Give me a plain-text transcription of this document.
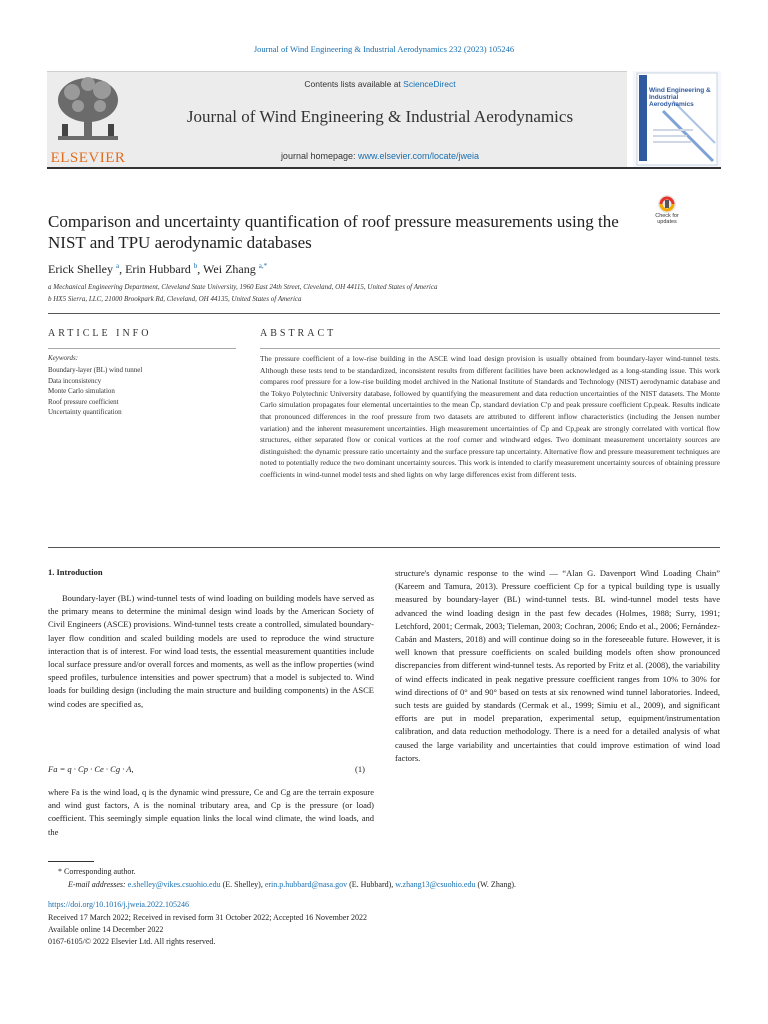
Journal of Wind Engineering & Industrial Aerodynamics 232 (2023) 105246
ELSEVIER
Contents lists available at ScienceDirect
Journal of Wind Engineering & Industrial Aerodynamics
journal homepage: www.elsevier.com/locate/jweia
Wind Engineering & Industrial Aerodynamics
Comparison and uncertainty quantification of roof pressure measurements using the NIST and TPU aerodynamic databases
Check for updates
Erick Shelley $^a$, Erin Hubbard $^b$, Wei Zhang $^{a,*}$
a Mechanical Engineering Department, Cleveland State University, 1960 East 24th Street, Cleveland, OH 44115, United States of America
b HX5 Sierra, LLC, 21000 Brookpark Rd, Cleveland, OH 44135, United States of America
ARTICLE INFO
Keywords:
Boundary-layer (BL) wind tunnel
Data inconsistency
Monte Carlo simulation
Roof pressure coefficient
Uncertainty quantification
ABSTRACT
The pressure coefficient of a low-rise building in the ASCE wind load design provision is usually obtained from boundary-layer wind-tunnel tests. Although these tests tend to be standardized, inconsistent results from different facilities have been acknowledged as a long-standing issue. This work compares roof pressure for a low-rise building model archived in the National Institute of Standards and Technology (NIST) aerodynamic database and the Tokyo Polytechnic University database, followed by quantifying the measurement and data reduction uncertainties of the NIST datasets. The Monte Carlo simulation propagates four elemental uncertainties to the mean C̅p, standard deviation C′p and peak pressure coefficient Cp,peak. Results indicate that pronounced differences in the roof pressure from two datasets are attributed to different inflow characteristics (including the Jensen number variation) and the inherent measurement uncertainties. High measurement uncertainties of C̅p and Cp,peak are strongly correlated with vortical flow structures, either separated flow or conical vortices at the roof corner and windward edges. Two dominant measurement uncertainty sources are distinguished: the dynamic pressure ratio uncertainty and the surface pressure tap uncertainty. Alternative flow and pressure measurement techniques are noted to potentially reduce the two dominant uncertainty sources. This work is intended to clarify measurement uncertainty sources of obtaining pressure coefficients in wind-tunnel model tests and shed lights on why large differences exist from different tests.
1. Introduction
Boundary-layer (BL) wind-tunnel tests of wind loading on building models have served as the primary means to determine the minimal design wind loads by the American Society of Civil Engineers (ASCE) provisions. Wind-tunnel tests create a controlled, simulated boundary-layer flow condition and scaled building models are used to reproduce the wind structure interaction that is of interest. For wind load tests, the essential measurement quantities include local surface pressure and/or overall forces and moments, as well as the inflow properties (wind speed profiles, turbulence intensities and power spectrum) that a model is subjected to. Wind loads for building design (including the main structure and building components) in the ASCE wind codes are specified as,
Fa = q · Cp · Ce · Cg · A,	(1)
where Fa is the wind load, q is the dynamic wind pressure, Ce and Cg are the terrain exposure and wind gust factors, A is the nominal tributary area, and Cp is the pressure (or load) coefficient. This seemingly simple equation links the local wind climate, the wind loads, and the
structure's dynamic response to the wind — “Alan G. Davenport Wind Loading Chain” (Kareem and Tamura, 2013). Pressure coefficient Cp for a typical building type is usually measured by boundary-layer (BL) wind-tunnel tests. BL wind-tunnel model tests have advanced the wind loading design in the past few decades (Holmes, 1988; Surry, 1991; Letchford, 2001; Cermak, 2003; Tieleman, 2003; Cochran, 2006; Endo et al., 2006; Fernández-Cabán and Masters, 2018) and will continue doing so in the foreseeable future. However, it is well known that pressure coefficients on scaled building models often show pronounced discrepancies from different wind-tunnel tests. As reported by Fritz et al. (2008), the variability of wind effects indicated in peak negative pressure coefficient ranges from 10% to 30% for wind directions of 0° and 90° based on tests at six renowned wind tunnel laboratories. Indeed, such tests are guided by standards (Cermak et al., 1999; Simiu et al., 2009), and significant efforts are put in model preparation, experimental setup, equipment/instrumentation calibration, and data reduction methodology. There is a need for a detailed analysis of what caused the large variability and uncertainties that could improve estimation of wind load factors.
* Corresponding author.
E-mail addresses: e.shelley@vikes.csuohio.edu (E. Shelley), erin.p.hubbard@nasa.gov (E. Hubbard), w.zhang13@csuohio.edu (W. Zhang).
https://doi.org/10.1016/j.jweia.2022.105246
Received 17 March 2022; Received in revised form 31 October 2022; Accepted 16 November 2022
Available online 14 December 2022
0167-6105/© 2022 Elsevier Ltd. All rights reserved.
